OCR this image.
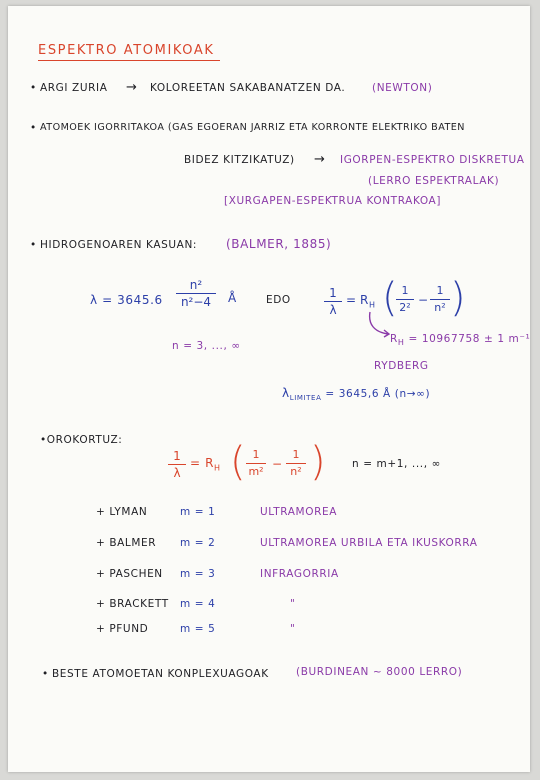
ESPEKTRO ATOMIKOAK
• ARGI ZURIA → KOLOREETAN SAKABANATZEN DA.	(NEWTON)
• ATOMOEK IGORRITAKOA (GAS EGOERAN JARRIZ ETA KORRONTE ELEKTRIKO BATEN
BIDEZ KITZIKATUZ) → IGORPEN-ESPEKTRO DISKRETUA
(LERRO ESPEKTRALAK)
[XURGAPEN-ESPEKTRUA KONTRAKOA]
• HIDROGENOAREN KASUAN: (BALMER, 1885)
λ = 3645.6
n²
n²−4	Å	EDO	1
λ
= $R_H$ ( 1
2²
−
1
n² )
n = 3, ..., ∞
$R_H = 10967758 \pm 1$ m⁻¹
RYDBERG
$\lambda_{LIMITEA} = 3645,6$ Å (n→∞)
•OROKORTUZ:
1
λ
= $R_H$ ( 1
m²
−
1
n² )	n = m+1, ..., ∞
+ LYMAN	m = 1	ULTRAMOREA
+ BALMER m = 2	ULTRAMOREA URBILA ETA IKUSKORRA
+ PASCHEN m = 3	INFRAGORRIA
+ BRACKETT m = 4	"
+ PFUND	m = 5	"
• BESTE ATOMOETAN KONPLEXUAGOAK	(BURDINEAN ~ 8000 LERRO)
